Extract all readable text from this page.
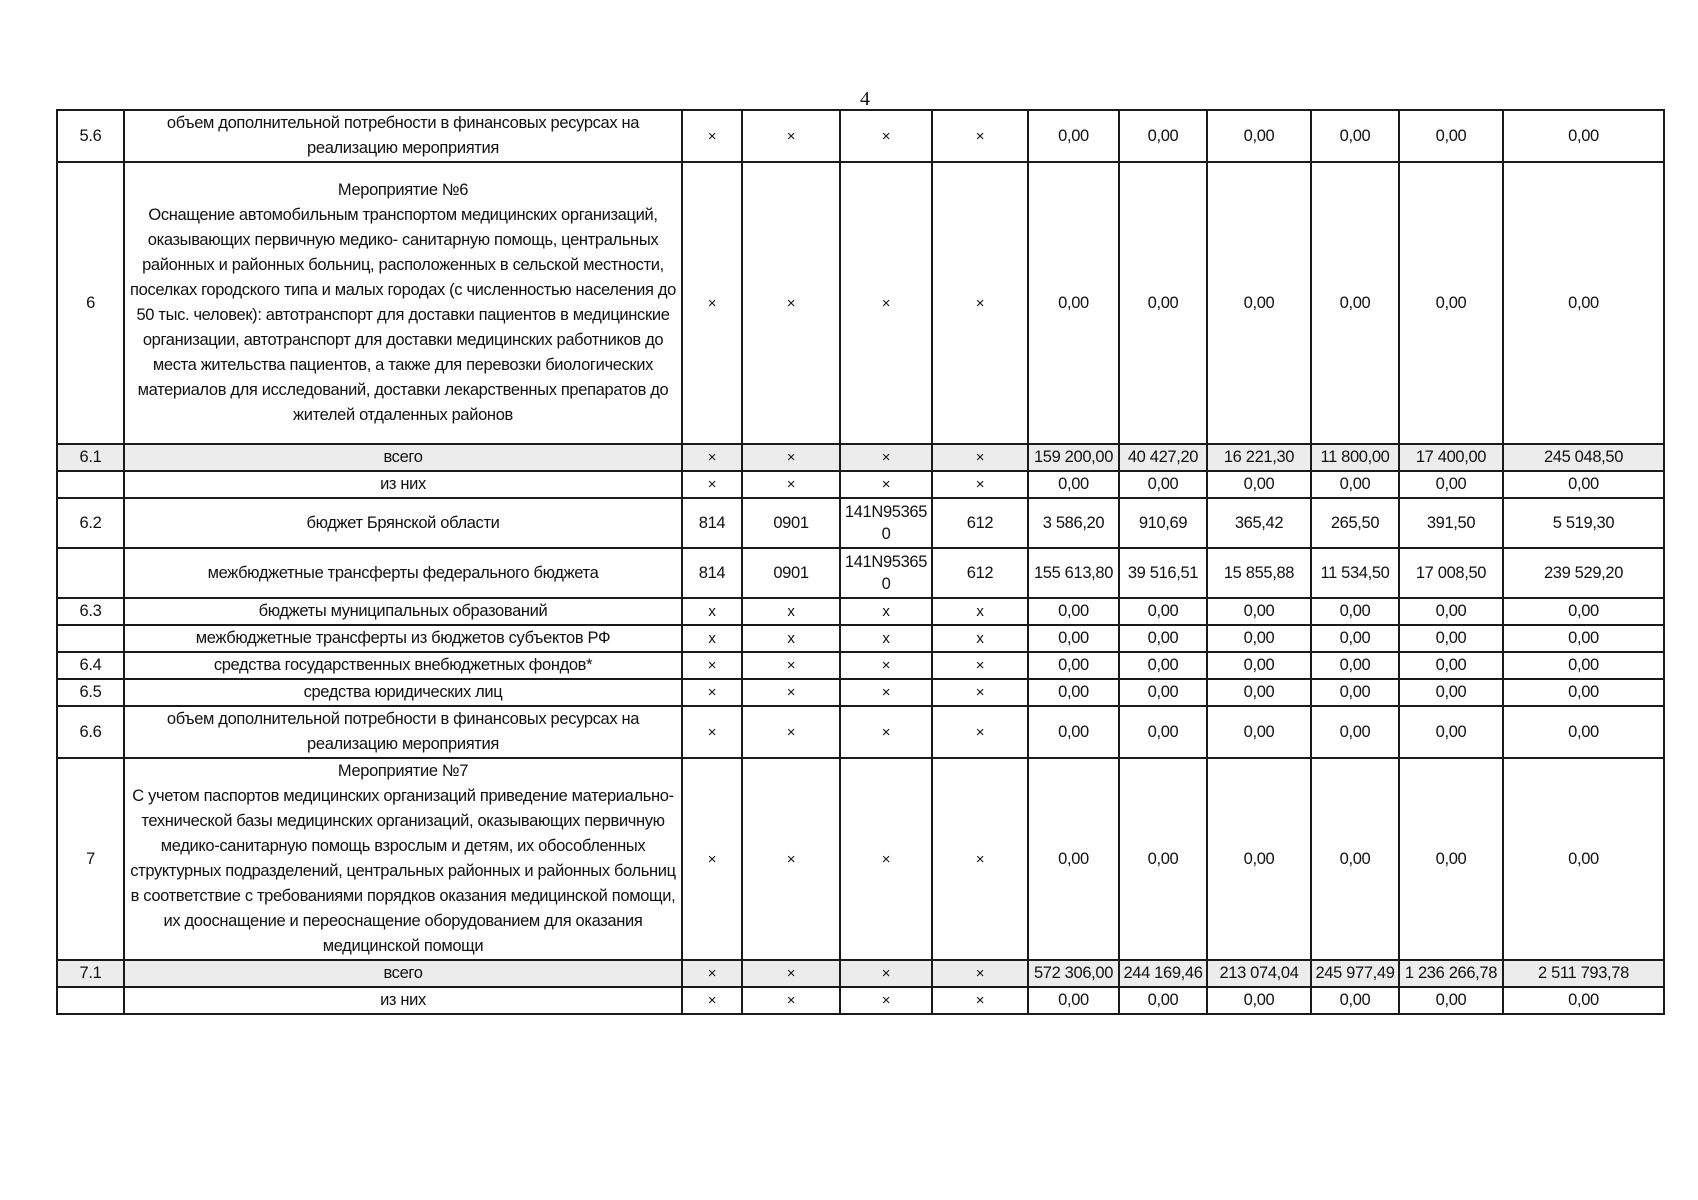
4
5.6	объем дополнительной потребности в финансовых ресурсах на реализацию мероприятия	×	×	×	×	0,00	0,00	0,00	0,00	0,00	0,00
6	Мероприятие №6
Оснащение автомобильным транспортом медицинских организаций, оказывающих первичную медико- санитарную помощь, центральных районных и районных больниц, расположенных в сельской местности, поселках городского типа и малых городах (с численностью населения до 50 тыс. человек): автотранспорт для доставки пациентов в медицинские организации, автотранспорт для доставки медицинских работников до места жительства пациентов, а также для перевозки биологических материалов для исследований, доставки лекарственных препаратов до жителей отдаленных районов	×	×	×	×	0,00	0,00	0,00	0,00	0,00	0,00
6.1	всего	×	×	×	×	159 200,00	40 427,20	16 221,30	11 800,00	17 400,00	245 048,50
	из них	×	×	×	×	0,00	0,00	0,00	0,00	0,00	0,00
6.2	бюджет Брянской области	814	0901	141N953650	612	3 586,20	910,69	365,42	265,50	391,50	5 519,30
	межбюджетные трансферты федерального бюджета	814	0901	141N953650	612	155 613,80	39 516,51	15 855,88	11 534,50	17 008,50	239 529,20
6.3	бюджеты муниципальных образований	x	x	x	x	0,00	0,00	0,00	0,00	0,00	0,00
	межбюджетные трансферты из бюджетов субъектов РФ	x	x	x	x	0,00	0,00	0,00	0,00	0,00	0,00
6.4	средства государственных внебюджетных фондов*	×	×	×	×	0,00	0,00	0,00	0,00	0,00	0,00
6.5	средства юридических лиц	×	×	×	×	0,00	0,00	0,00	0,00	0,00	0,00
6.6	объем дополнительной потребности в финансовых ресурсах на реализацию мероприятия	×	×	×	×	0,00	0,00	0,00	0,00	0,00	0,00
7	Мероприятие №7
С учетом паспортов медицинских организаций приведение материально-технической базы медицинских организаций, оказывающих первичную медико-санитарную помощь взрослым и детям, их обособленных структурных подразделений, центральных районных и районных больниц в соответствие с требованиями порядков оказания медицинской помощи, их дооснащение и переоснащение оборудованием для оказания медицинской помощи	×	×	×	×	0,00	0,00	0,00	0,00	0,00	0,00
7.1	всего	×	×	×	×	572 306,00	244 169,46	213 074,04	245 977,49	1 236 266,78	2 511 793,78
	из них	×	×	×	×	0,00	0,00	0,00	0,00	0,00	0,00
